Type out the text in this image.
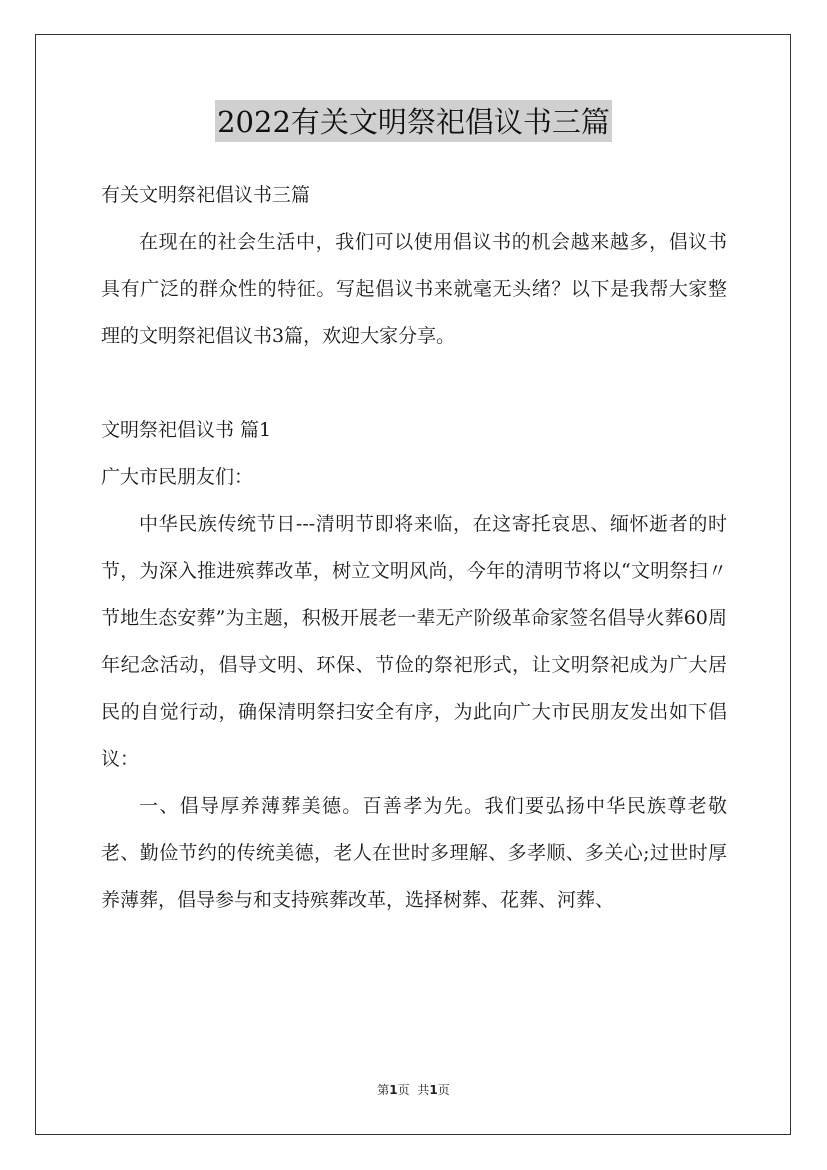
2022有关文明祭祀倡议书三篇

有关文明祭祀倡议书三篇

在现在的社会生活中，我们可以使用倡议书的机会越来越多，倡议书具有广泛的群众性的特征。写起倡议书来就毫无头绪？以下是我帮大家整理的文明祭祀倡议书3篇，欢迎大家分享。

文明祭祀倡议书 篇1

广大市民朋友们：

中华民族传统节日---清明节即将来临，在这寄托哀思、缅怀逝者的时节，为深入推进殡葬改革，树立文明风尚，今年的清明节将以“文明祭扫〃节地生态安葬”为主题，积极开展老一辈无产阶级革命家签名倡导火葬60周年纪念活动，倡导文明、环保、节俭的祭祀形式，让文明祭祀成为广大居民的自觉行动，确保清明祭扫安全有序，为此向广大市民朋友发出如下倡议：

一、倡导厚养薄葬美德。百善孝为先。我们要弘扬中华民族尊老敬老、勤俭节约的传统美德，老人在世时多理解、多孝顺、多关心;过世时厚养薄葬，倡导参与和支持殡葬改革，选择树葬、花葬、河葬、

第1页 共1页
